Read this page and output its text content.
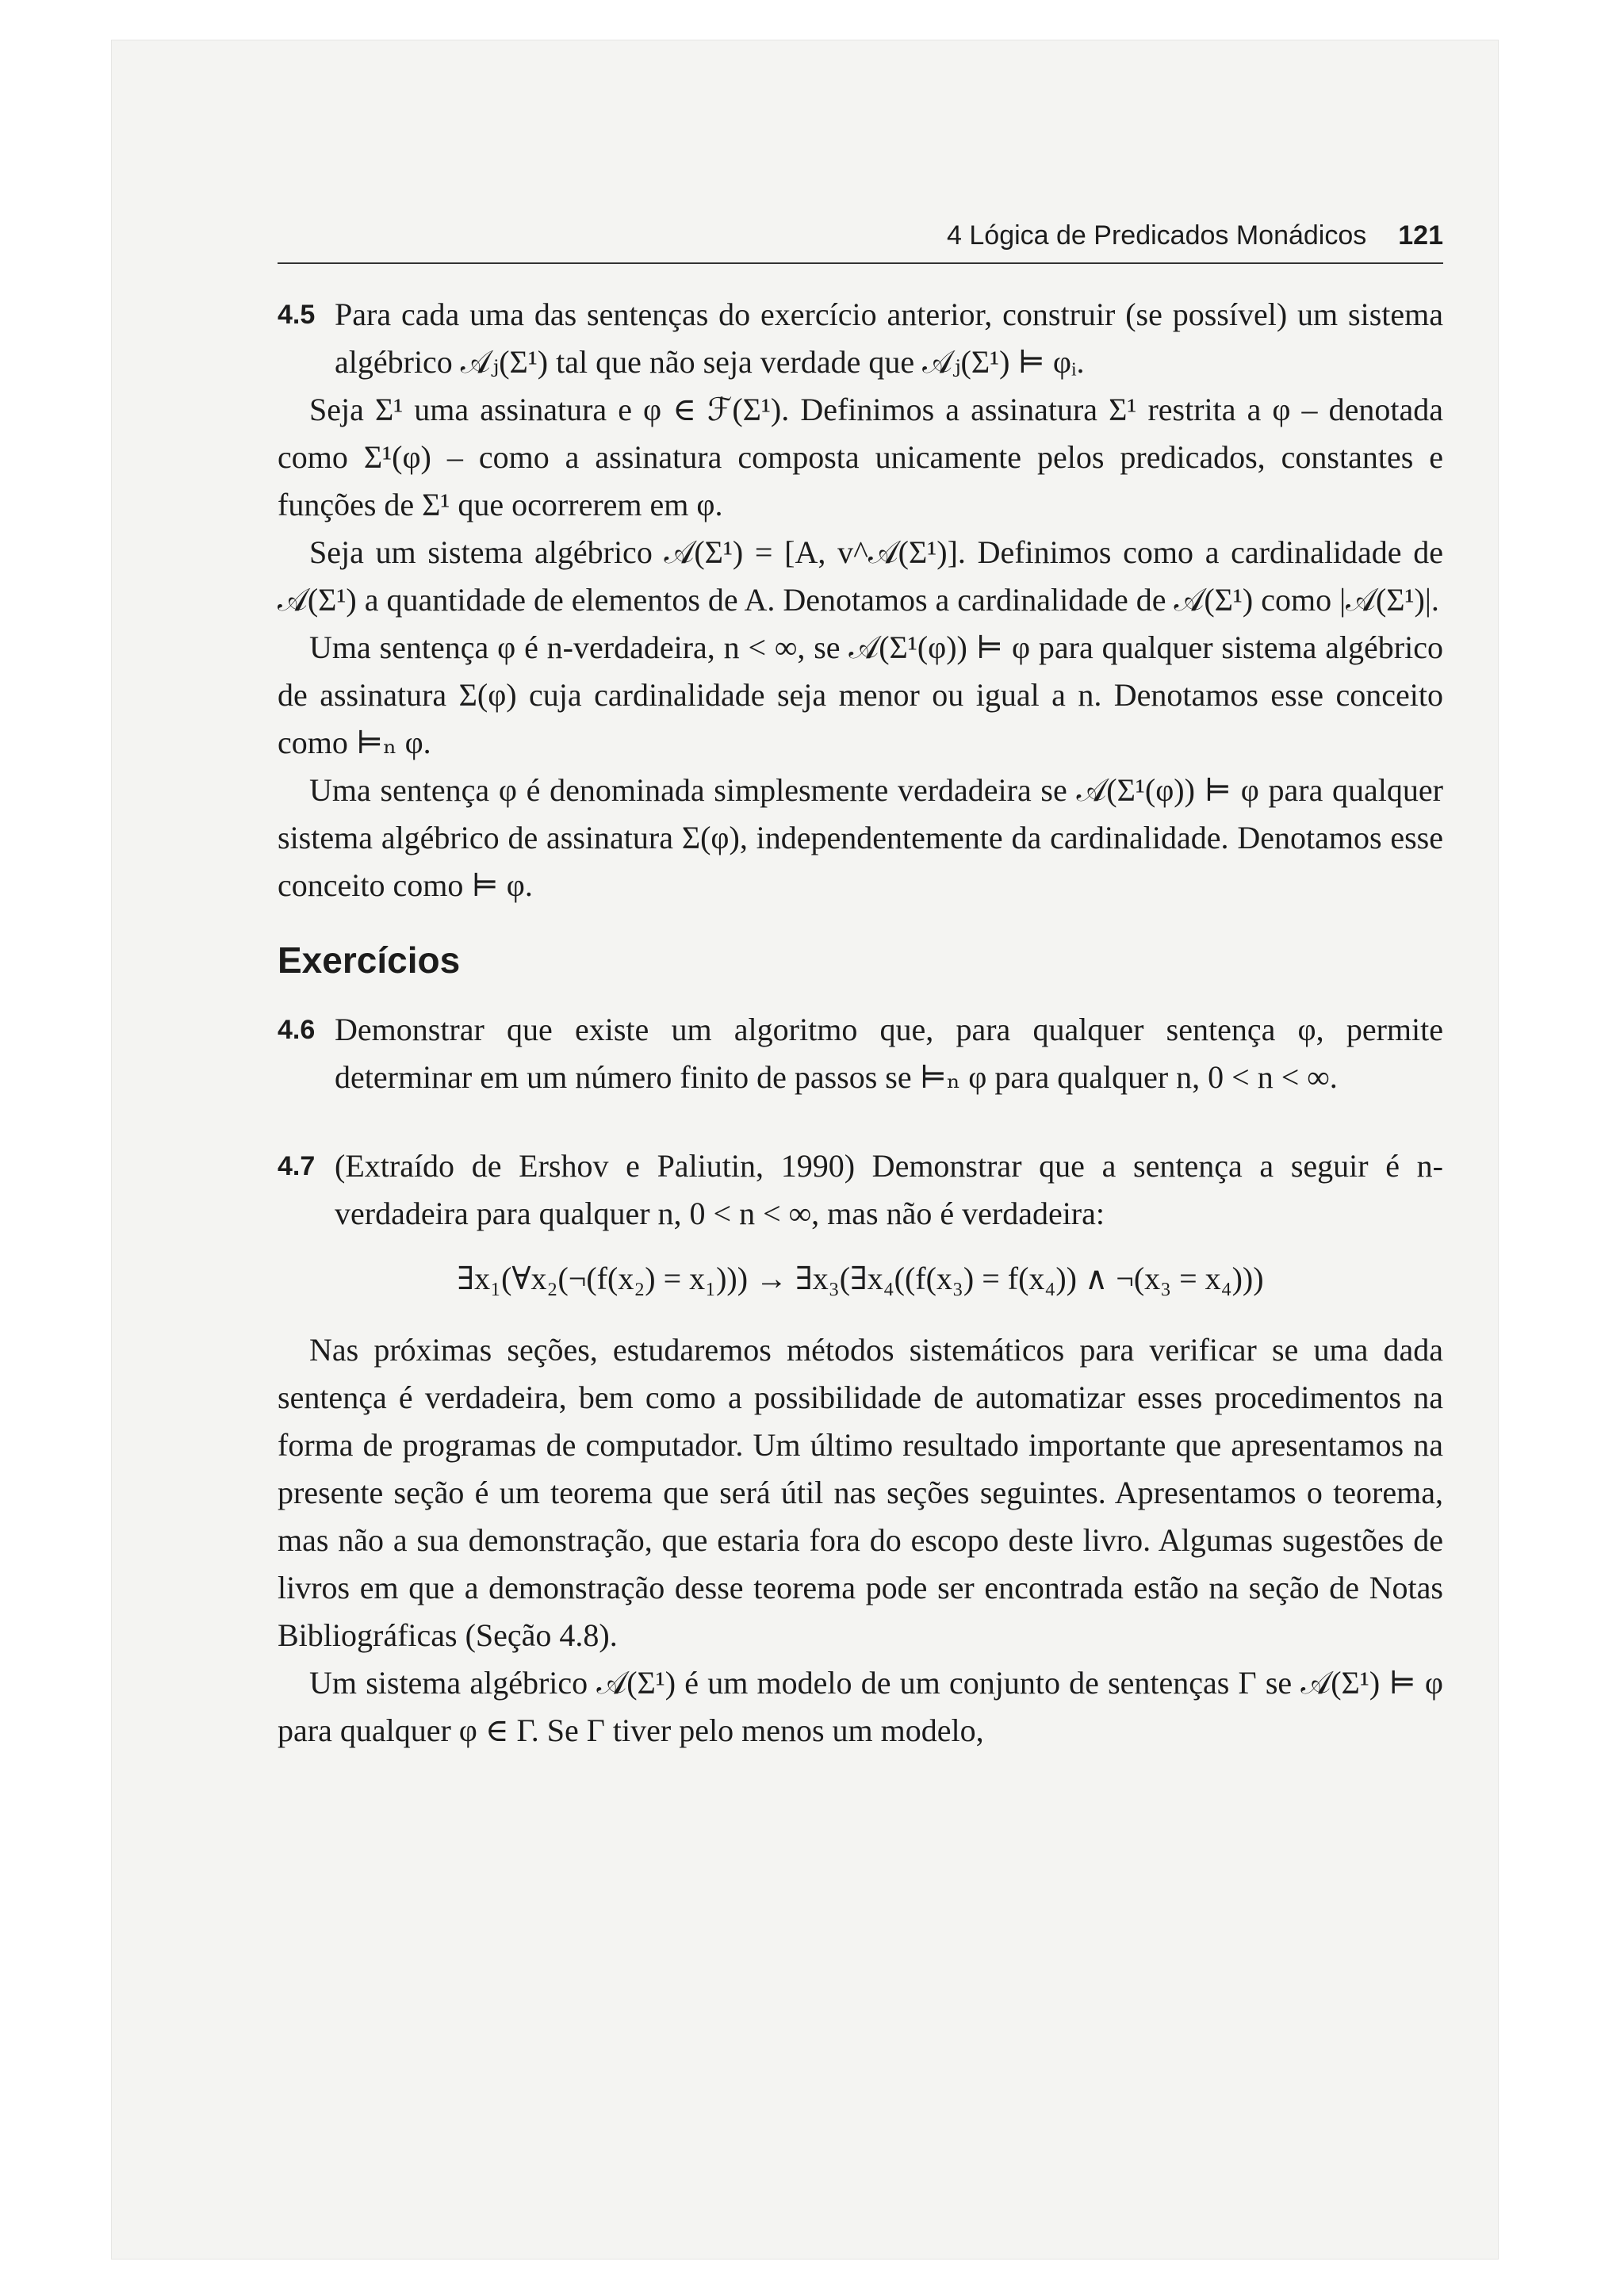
4 Lógica de Predicados Monádicos 121
4.5 Para cada uma das sentenças do exercício anterior, construir (se possível) um sistema algébrico 𝒜ⱼ(Σ¹) tal que não seja verdade que 𝒜ⱼ(Σ¹) ⊨ φᵢ.

Seja Σ¹ uma assinatura e φ ∈ ℱ(Σ¹). Definimos a assinatura Σ¹ restrita a φ – denotada como Σ¹(φ) – como a assinatura composta unicamente pelos predicados, constantes e funções de Σ¹ que ocorrerem em φ.

Seja um sistema algébrico 𝒜(Σ¹) = [A, v^𝒜(Σ¹)]. Definimos como a cardinalidade de 𝒜(Σ¹) a quantidade de elementos de A. Denotamos a cardinalidade de 𝒜(Σ¹) como |𝒜(Σ¹)|.

Uma sentença φ é n-verdadeira, n < ∞, se 𝒜(Σ¹(φ)) ⊨ φ para qualquer sistema algébrico de assinatura Σ(φ) cuja cardinalidade seja menor ou igual a n. Denotamos esse conceito como ⊨ₙ φ.

Uma sentença φ é denominada simplesmente verdadeira se 𝒜(Σ¹(φ)) ⊨ φ para qualquer sistema algébrico de assinatura Σ(φ), independentemente da cardinalidade. Denotamos esse conceito como ⊨ φ.

Exercícios
4.6 Demonstrar que existe um algoritmo que, para qualquer sentença φ, permite determinar em um número finito de passos se ⊨ₙ φ para qualquer n, 0 < n < ∞.
4.7 (Extraído de Ershov e Paliutin, 1990) Demonstrar que a sentença a seguir é n-verdadeira para qualquer n, 0 < n < ∞, mas não é verdadeira:
∃x₁(∀x₂(¬(f(x₂) = x₁))) → ∃x₃(∃x₄((f(x₃) = f(x₄)) ∧ ¬(x₃ = x₄)))

Nas próximas seções, estudaremos métodos sistemáticos para verificar se uma dada sentença é verdadeira, bem como a possibilidade de automatizar esses procedimentos na forma de programas de computador. Um último resultado importante que apresentamos na presente seção é um teorema que será útil nas seções seguintes. Apresentamos o teorema, mas não a sua demonstração, que estaria fora do escopo deste livro. Algumas sugestões de livros em que a demonstração desse teorema pode ser encontrada estão na seção de Notas Bibliográficas (Seção 4.8).

Um sistema algébrico 𝒜(Σ¹) é um modelo de um conjunto de sentenças Γ se 𝒜(Σ¹) ⊨ φ para qualquer φ ∈ Γ. Se Γ tiver pelo menos um modelo,
